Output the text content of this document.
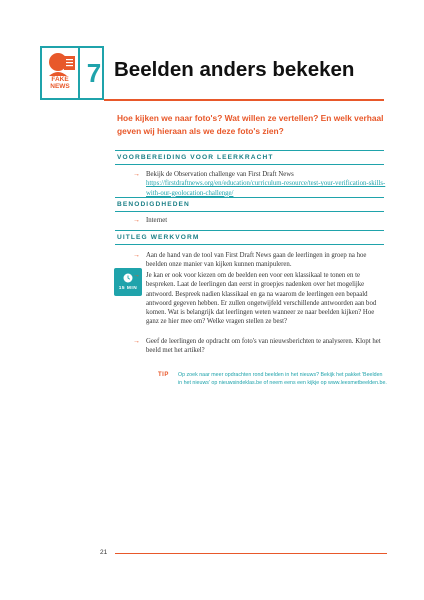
FAKE
NEWS 7 Beelden anders bekeken
Hoe kijken we naar foto's? Wat willen ze vertellen? En welk verhaal geven wij hieraan als we deze foto's zien?
VOORBEREIDING VOOR LEERKRACHT
→ Bekijk de Observation challenge van First Draft News
https://firstdraftnews.org/en/education/curriculum-resource/test-your-verification-skills-with-our-geolocation-challenge/
BENODIGDHEDEN
→ Internet
UITLEG WERKVORM
→ Aan de hand van de tool van First Draft News gaan de leerlingen in groep na hoe beelden onze manier van kijken kunnen manipuleren.
15 MIN
→ Je kan er ook voor kiezen om de beelden een voor een klassikaal te tonen en te bespreken. Laat de leerlingen dan eerst in groepjes nadenken over het mogelijke antwoord. Bespreek nadien klassikaal en ga na waarom de leerlingen een bepaald antwoord gegeven hebben. Er zullen ongetwijfeld verschillende antwoorden aan bod komen. Wat is belangrijk dat leerlingen weten wanneer ze naar beelden kijken? Hoe ganz ze hier mee om? Welke vragen stellen ze best?
→ Geef de leerlingen de opdracht om foto's van nieuwsberichten te analyseren. Klopt het beeld met het artikel?
TIP Op zoek naar meer opdrachten rond beelden in het nieuws? Bekijk het pakket 'Beelden in het nieuws' op nieuwsindeklas.be of neem eens een kijkje op www.leesmetbeelden.be.
21
